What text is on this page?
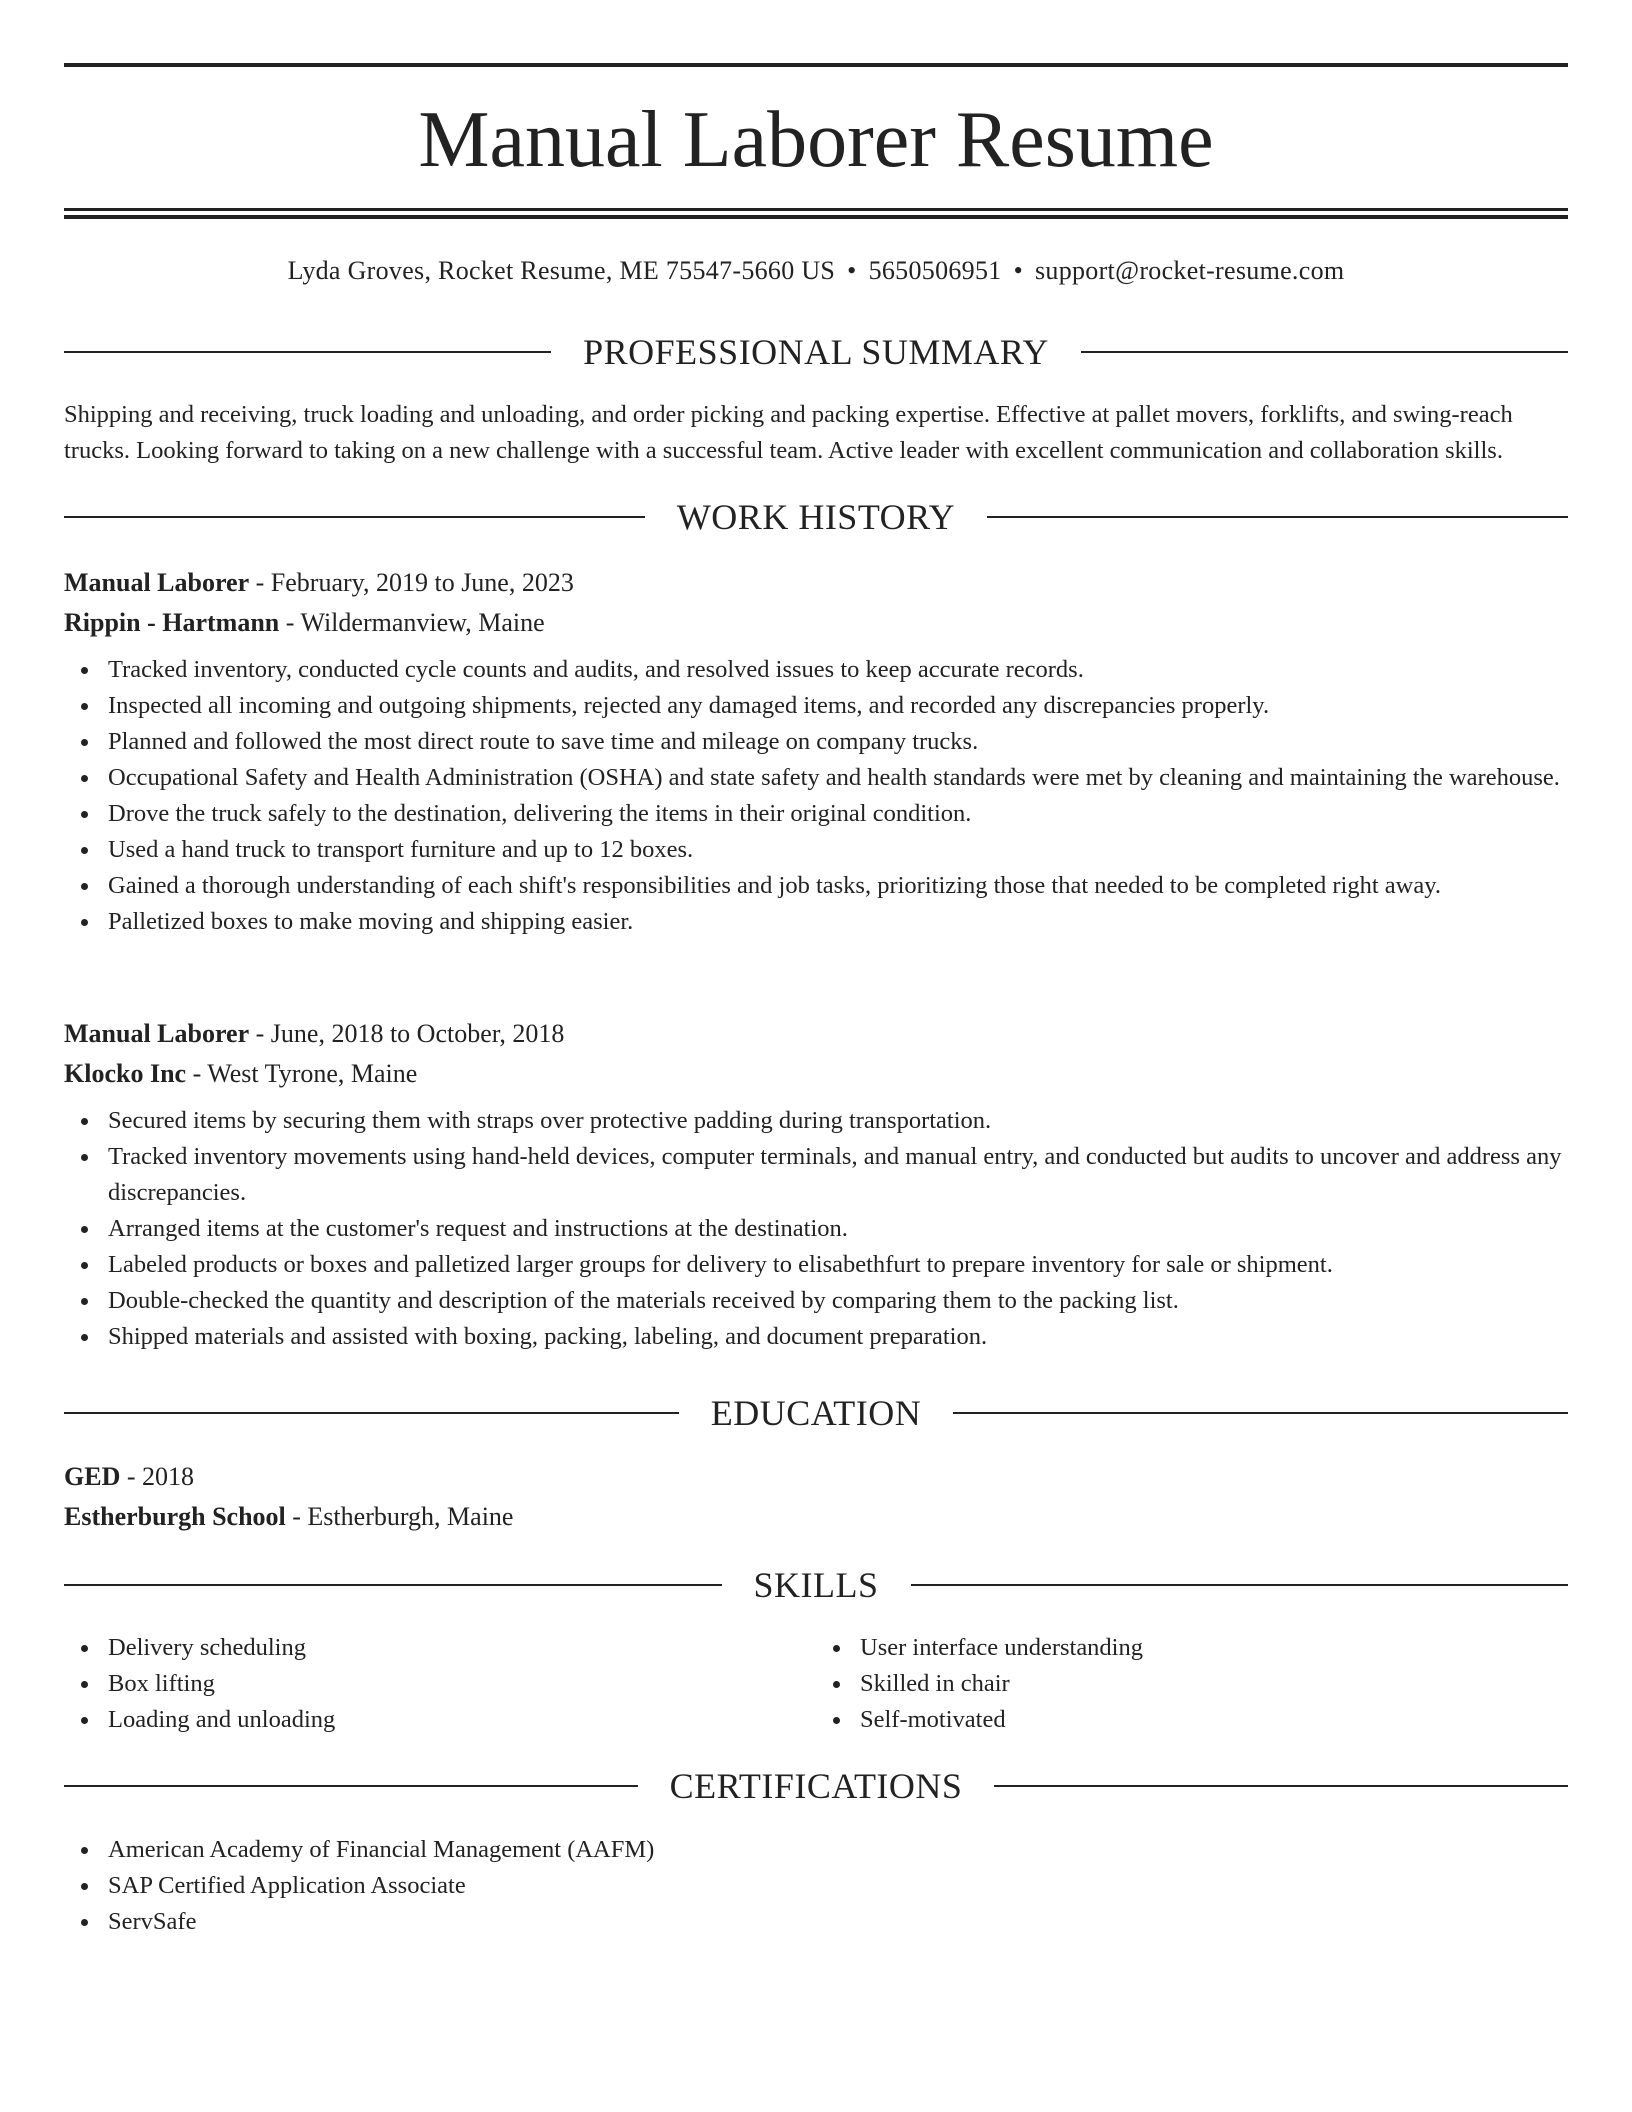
Manual Laborer Resume
Lyda Groves, Rocket Resume, ME 75547-5660 US • 5650506951 • support@rocket-resume.com
PROFESSIONAL SUMMARY

Shipping and receiving, truck loading and unloading, and order picking and packing expertise. Effective at pallet movers, forklifts, and swing-reach trucks. Looking forward to taking on a new challenge with a successful team. Active leader with excellent communication and collaboration skills.

WORK HISTORY

Manual Laborer - February, 2019 to June, 2023

Rippin - Hartmann - Wildermanview, Maine

Tracked inventory, conducted cycle counts and audits, and resolved issues to keep accurate records.
Inspected all incoming and outgoing shipments, rejected any damaged items, and recorded any discrepancies properly.
Planned and followed the most direct route to save time and mileage on company trucks.
Occupational Safety and Health Administration (OSHA) and state safety and health standards were met by cleaning and maintaining the warehouse.
Drove the truck safely to the destination, delivering the items in their original condition.
Used a hand truck to transport furniture and up to 12 boxes.
Gained a thorough understanding of each shift's responsibilities and job tasks, prioritizing those that needed to be completed right away.
Palletized boxes to make moving and shipping easier.

Manual Laborer - June, 2018 to October, 2018

Klocko Inc - West Tyrone, Maine

Secured items by securing them with straps over protective padding during transportation.
Tracked inventory movements using hand-held devices, computer terminals, and manual entry, and conducted but audits to uncover and address any discrepancies.
Arranged items at the customer's request and instructions at the destination.
Labeled products or boxes and palletized larger groups for delivery to elisabethfurt to prepare inventory for sale or shipment.
Double-checked the quantity and description of the materials received by comparing them to the packing list.
Shipped materials and assisted with boxing, packing, labeling, and document preparation.
EDUCATION

GED - 2018

Estherburgh School - Estherburgh, Maine

SKILLS
Delivery scheduling
Box lifting
Loading and unloading
User interface understanding
Skilled in chair
Self-motivated
CERTIFICATIONS
American Academy of Financial Management (AAFM)
SAP Certified Application Associate
ServSafe
